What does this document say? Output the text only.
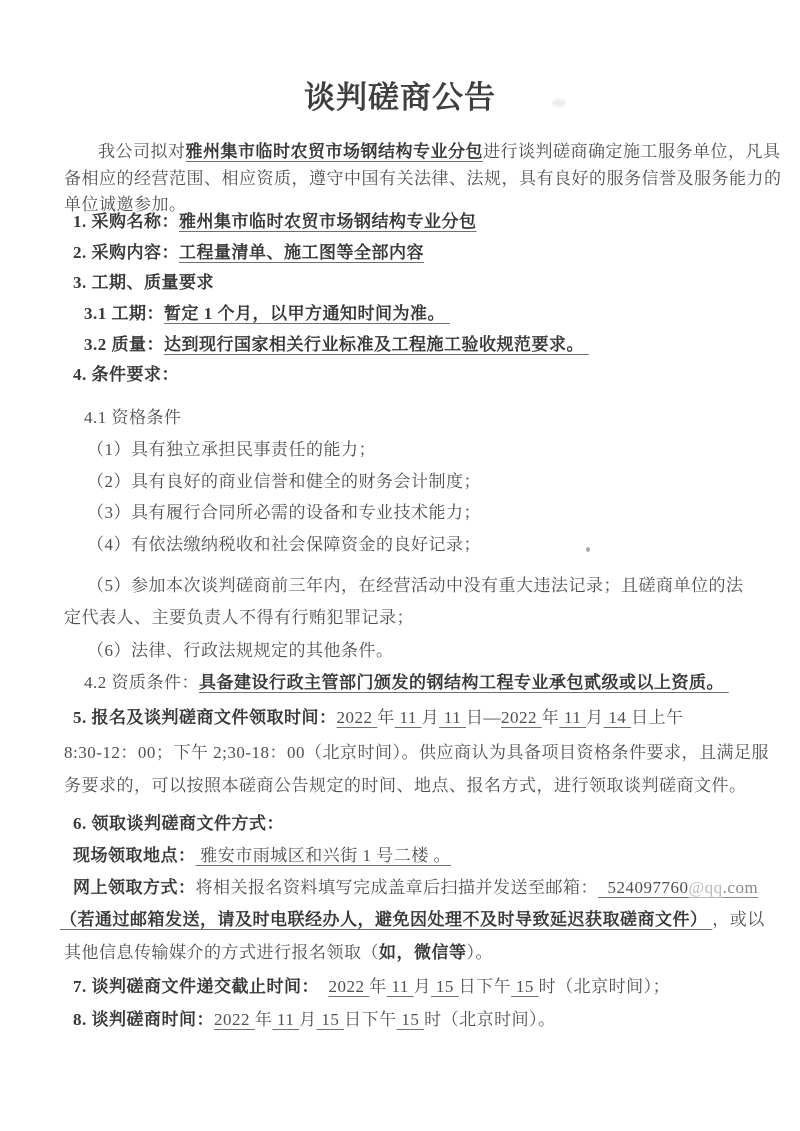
谈判磋商公告
我公司拟对雅州集市临时农贸市场钢结构专业分包进行谈判磋商确定施工服务单位，凡具
备相应的经营范围、相应资质，遵守中国有关法律、法规，具有良好的服务信誉及服务能力的
单位诚邀参加。
1. 采购名称：雅州集市临时农贸市场钢结构专业分包
2. 采购内容：工程量清单、施工图等全部内容
3. 工期、质量要求
3.1 工期：暂定 1 个月，以甲方通知时间为准。
3.2 质量：达到现行国家相关行业标准及工程施工验收规范要求。
4. 条件要求：
4.1 资格条件
（1）具有独立承担民事责任的能力；
（2）具有良好的商业信誉和健全的财务会计制度；
（3）具有履行合同所必需的设备和专业技术能力；
（4）有依法缴纳税收和社会保障资金的良好记录；
（5）参加本次谈判磋商前三年内，在经营活动中没有重大违法记录；且磋商单位的法
定代表人、主要负责人不得有行贿犯罪记录；
（6）法律、行政法规规定的其他条件。
4.2 资质条件：具备建设行政主管部门颁发的钢结构工程专业承包贰级或以上资质。
5. 报名及谈判磋商文件领取时间：2022 年 11 月 11 日—2022 年 11 月 14 日上午
8:30-12：00；下午 2;30-18：00（北京时间）。供应商认为具备项目资格条件要求，且满足服
务要求的，可以按照本磋商公告规定的时间、地点、报名方式，进行领取谈判磋商文件。
6. 领取谈判磋商文件方式：
现场领取地点： 雅安市雨城区和兴街 1 号二楼 。
网上领取方式：将相关报名资料填写完成盖章后扫描并发送至邮箱：  524097760@qq.com
（若通过邮箱发送，请及时电联经办人，避免因处理不及时导致延迟获取磋商文件） ，或以
其他信息传输媒介的方式进行报名领取（如，微信等）。
7. 谈判磋商文件递交截止时间： 2022 年 11 月 15 日下午 15 时（北京时间）；
8. 谈判磋商时间：2022 年 11 月 15 日下午 15 时（北京时间）。
